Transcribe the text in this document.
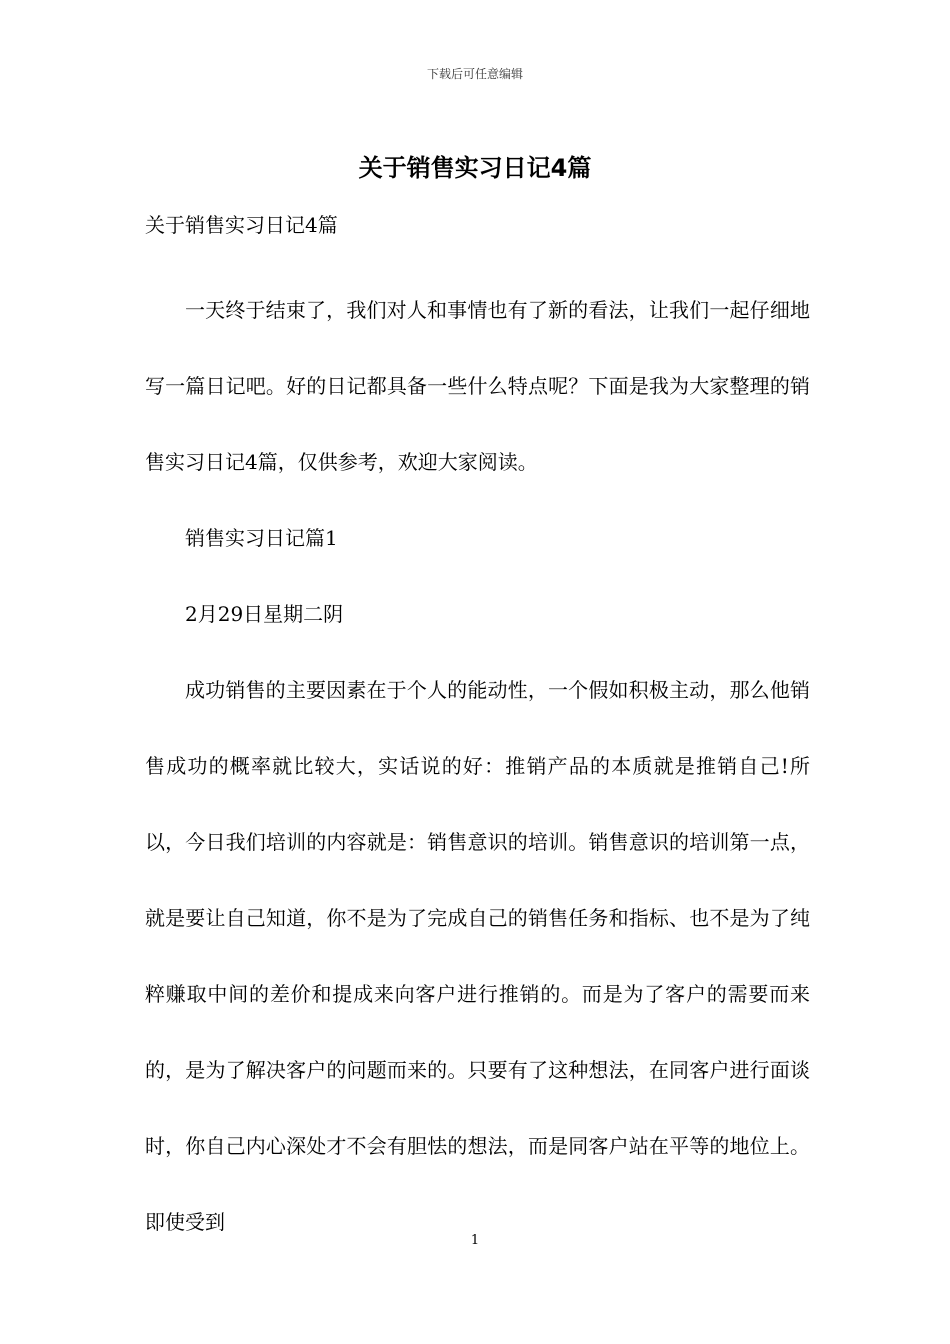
下载后可任意编辑
关于销售实习日记4篇

关于销售实习日记4篇

一天终于结束了，我们对人和事情也有了新的看法，让我们一起仔细地写一篇日记吧。好的日记都具备一些什么特点呢？下面是我为大家整理的销售实习日记4篇，仅供参考，欢迎大家阅读。

销售实习日记篇1

2月29日星期二阴

成功销售的主要因素在于个人的能动性，一个假如积极主动，那么他销售成功的概率就比较大，实话说的好：推销产品的本质就是推销自己!所以，今日我们培训的内容就是：销售意识的培训。销售意识的培训第一点，就是要让自己知道，你不是为了完成自己的销售任务和指标、也不是为了纯粹赚取中间的差价和提成来向客户进行推销的。而是为了客户的需要而来的，是为了解决客户的问题而来的。只要有了这种想法，在同客户进行面谈时，你自己内心深处才不会有胆怯的想法，而是同客户站在平等的地位上。即使受到

1
